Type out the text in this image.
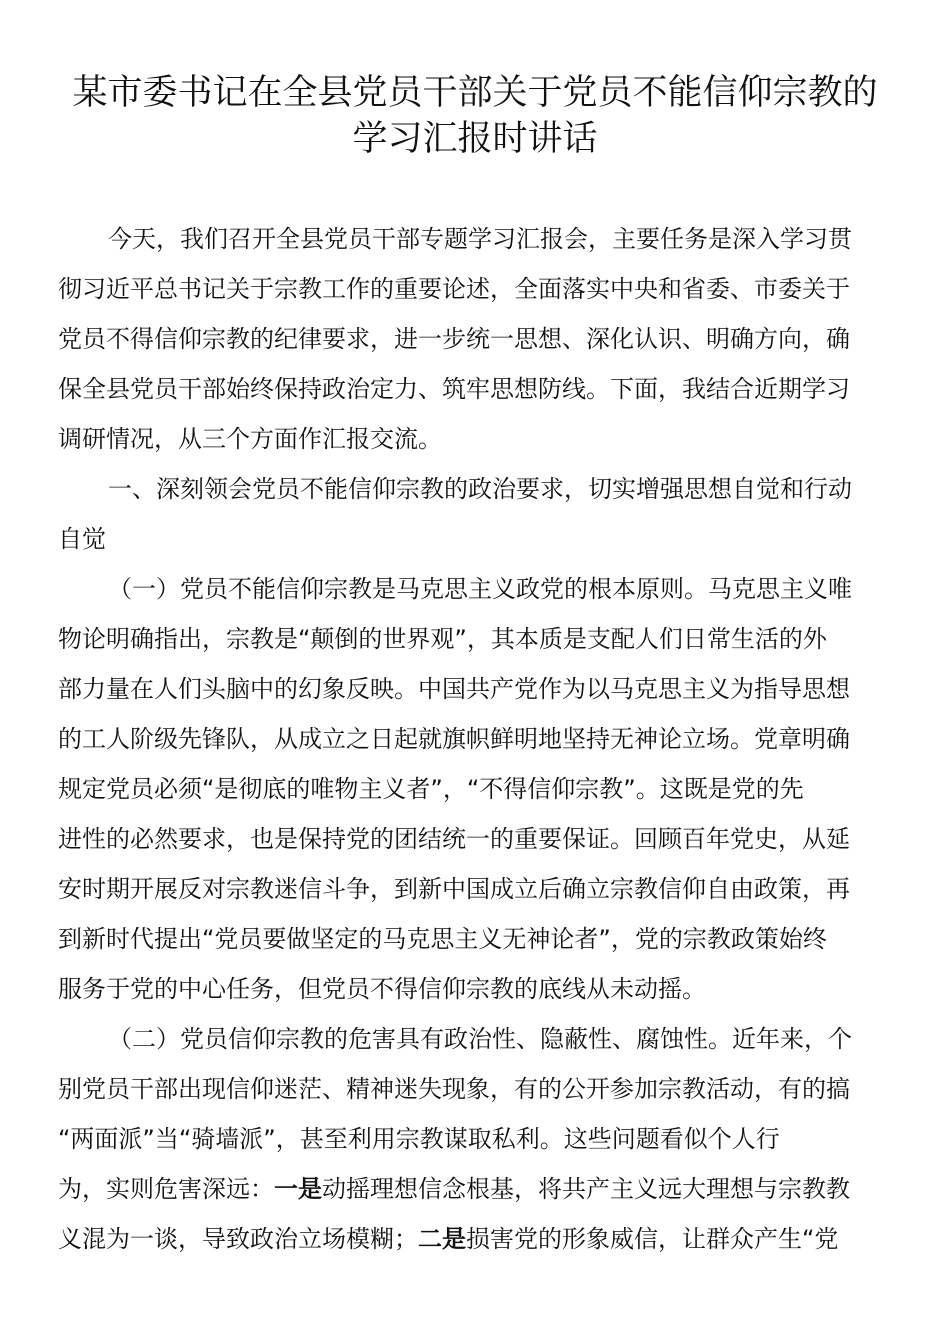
某市委书记在全县党员干部关于党员不能信仰宗教的
学习汇报时讲话
今天，我们召开全县党员干部专题学习汇报会，主要任务是深入学习贯
彻习近平总书记关于宗教工作的重要论述，全面落实中央和省委、市委关于
党员不得信仰宗教的纪律要求，进一步统一思想、深化认识、明确方向，确
保全县党员干部始终保持政治定力、筑牢思想防线。下面，我结合近期学习
调研情况，从三个方面作汇报交流。
一、深刻领会党员不能信仰宗教的政治要求，切实增强思想自觉和行动
自觉
（一）党员不能信仰宗教是马克思主义政党的根本原则。马克思主义唯
物论明确指出，宗教是“颠倒的世界观”，其本质是支配人们日常生活的外
部力量在人们头脑中的幻象反映。中国共产党作为以马克思主义为指导思想
的工人阶级先锋队，从成立之日起就旗帜鲜明地坚持无神论立场。党章明确
规定党员必须“是彻底的唯物主义者”，“不得信仰宗教”。这既是党的先
进性的必然要求，也是保持党的团结统一的重要保证。回顾百年党史，从延
安时期开展反对宗教迷信斗争，到新中国成立后确立宗教信仰自由政策，再
到新时代提出“党员要做坚定的马克思主义无神论者”，党的宗教政策始终
服务于党的中心任务，但党员不得信仰宗教的底线从未动摇。
（二）党员信仰宗教的危害具有政治性、隐蔽性、腐蚀性。近年来，个
别党员干部出现信仰迷茫、精神迷失现象，有的公开参加宗教活动，有的搞
“两面派”当“骑墙派”，甚至利用宗教谋取私利。这些问题看似个人行
为，实则危害深远：一是动摇理想信念根基，将共产主义远大理想与宗教教
义混为一谈，导致政治立场模糊；二是损害党的形象威信，让群众产生“党
